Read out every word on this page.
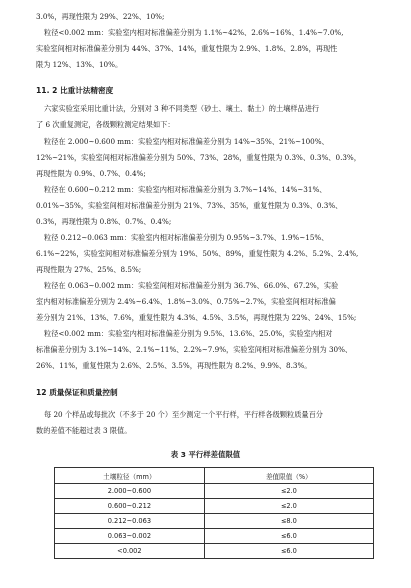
3.0%，再现性限为 29%、22%、10%;
粒径<0.002 mm：实验室内相对标准偏差分别为 1.1%~42%、2.6%~16%、1.4%~7.0%,
实验室间相对标准偏差分别为 44%、37%、14%，重复性限为 2.9%、1.8%、2.8%，再现性
限为 12%、13%、10%。
11. 2 比重计法精密度
六家实验室采用比重计法，分别对 3 种不同类型（砂土、壤土、黏土）的土壤样品进行
了 6 次重复测定，各级颗粒测定结果如下：
粒径在 2.000~0.600 mm：实验室内相对标准偏差分别为 14%~35%、21%~100%、
12%~21%，实验室间相对标准偏差分别为 50%、73%、28%，重复性限为 0.3%、0.3%、0.3%，
再现性限为 0.9%、0.7%、0.4%;
粒径在 0.600~0.212 mm：实验室内相对标准偏差分别为 3.7%~14%、14%~31%、
0.01%~35%，实验室间相对标准偏差分别为 21%、73%、35%，重复性限为 0.3%、0.3%、
0.3%，再现性限为 0.8%、0.7%、0.4%;
粒径 0.212~0.063 mm：实验室内相对标准偏差分别为 0.95%~3.7%、1.9%~15%、
6.1%~22%，实验室间相对标准偏差分别为 19%、50%、89%，重复性限为 4.2%、5.2%、2.4%,
再现性限为 27%、25%、8.5%;
粒径在 0.063~0.002 mm：实验室间相对标准偏差分别为 36.7%、66.0%、67.2%，实验
室内相对标准偏差分别为 2.4%~6.4%、1.8%~3.0%、0.75%~2.7%，实验室间相对标准偏
差分别为 21%、13%、7.6%，重复性限为 4.3%、4.5%、3.5%，再现性限为 22%、24%、15%;
粒径<0.002 mm：实验室内相对标准偏差分别为 9.5%、13.6%、25.0%，实验室内相对
标准偏差分别为 3.1%~14%、2.1%~11%、2.2%~7.9%，实验室间相对标准偏差分别为 30%、
26%、11%，重复性限为 2.6%、2.5%、3.5%，再现性限为 8.2%、9.9%、8.3%。
12 质量保证和质量控制
每 20 个样品或每批次（不多于 20 个）至少测定一个平行样，平行样各级颗粒质量百分
数的差值不能超过表 3 限值。
表 3 平行样差值限值
土壤粒径（mm）	差值限值（%）
2.000~0.600	≤2.0
0.600~0.212	≤2.0
0.212~0.063	≤8.0
0.063~0.002	≤6.0
<0.002	≤6.0
